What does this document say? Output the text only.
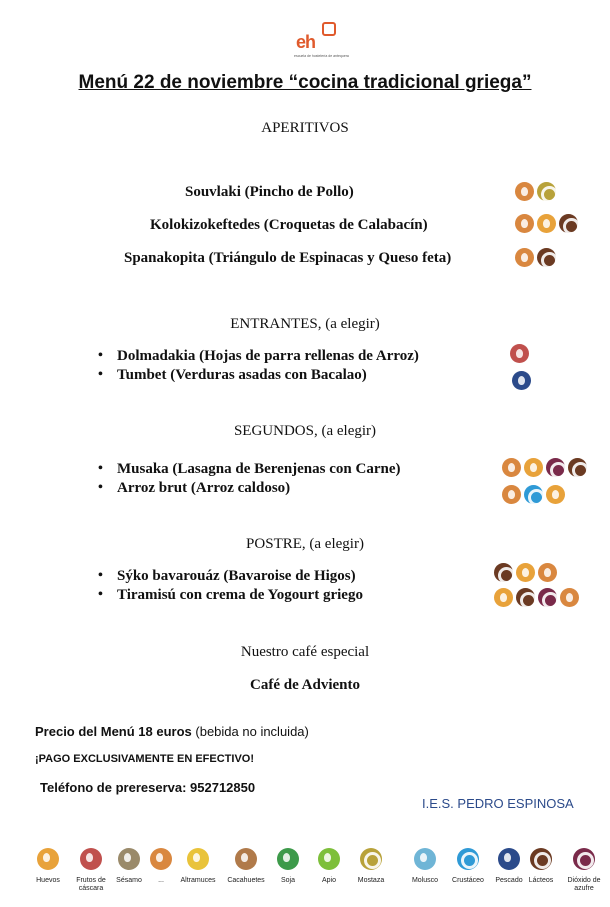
eh
escuela de hostelería de antequera
Menú 22 de noviembre “cocina tradicional griega”
APERITIVOS
Souvlaki (Pincho de Pollo)
Kolokizokeftedes (Croquetas de Calabacín)
Spanakopita (Triángulo de Espinacas y Queso feta)
ENTRANTES, (a elegir)
• Dolmadakia (Hojas de parra rellenas de Arroz)
• Tumbet (Verduras asadas con Bacalao)
SEGUNDOS, (a elegir)
• Musaka (Lasagna de Berenjenas con Carne)
• Arroz brut (Arroz caldoso)
POSTRE, (a elegir)
• Sýko bavarouáz (Bavaroise de Higos)
• Tiramisú con crema de Yogourt griego
Nuestro café especial
Café de Adviento
Precio del Menú 18 euros (bebida no incluida)
¡PAGO EXCLUSIVAMENTE EN EFECTIVO!
Teléfono de prereserva: 952712850
I.E.S. PEDRO ESPINOSA
Huevos	Frutos de cáscara
Sésamo	...	Altramuces	Cacahuetes	Soja	Apio	Mostaza	Molusco	Crustáceo	Pescado Lácteos	Dióxido de azufre
